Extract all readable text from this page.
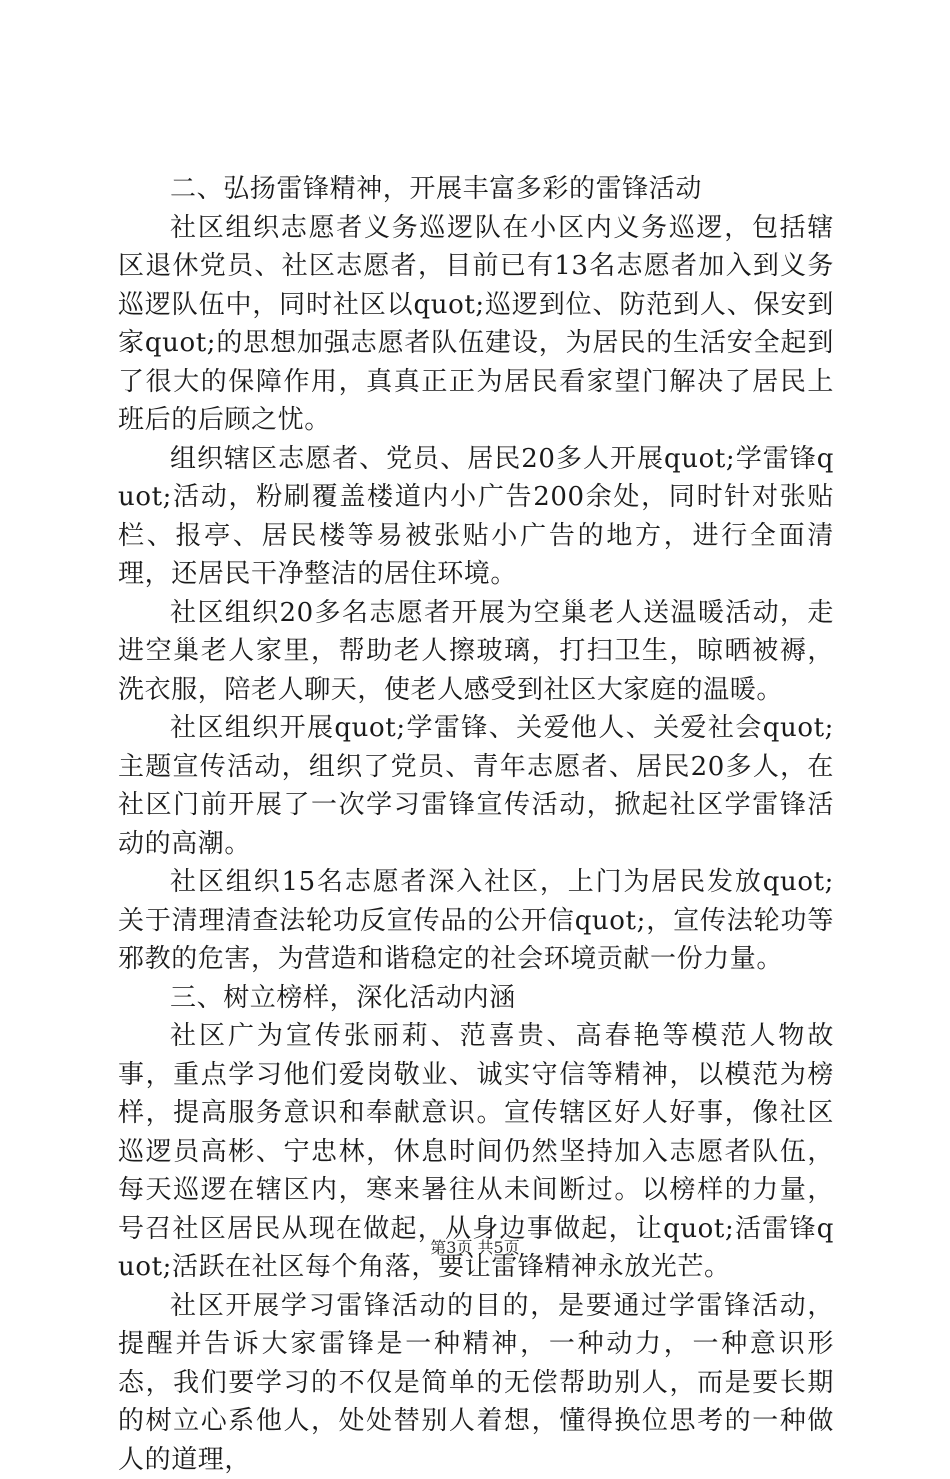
二、弘扬雷锋精神，开展丰富多彩的雷锋活动

社区组织志愿者义务巡逻队在小区内义务巡逻，包括辖区退休党员、社区志愿者，目前已有13名志愿者加入到义务巡逻队伍中，同时社区以quot;巡逻到位、防范到人、保安到家quot;的思想加强志愿者队伍建设，为居民的生活安全起到了很大的保障作用，真真正正为居民看家望门解决了居民上班后的后顾之忧。

组织辖区志愿者、党员、居民20多人开展quot;学雷锋quot;活动，粉刷覆盖楼道内小广告200余处，同时针对张贴栏、报亭、居民楼等易被张贴小广告的地方，进行全面清理，还居民干净整洁的居住环境。

社区组织20多名志愿者开展为空巢老人送温暖活动，走进空巢老人家里，帮助老人擦玻璃，打扫卫生，晾晒被褥，洗衣服，陪老人聊天，使老人感受到社区大家庭的温暖。

社区组织开展quot;学雷锋、关爱他人、关爱社会quot;主题宣传活动，组织了党员、青年志愿者、居民20多人，在社区门前开展了一次学习雷锋宣传活动，掀起社区学雷锋活动的高潮。

社区组织15名志愿者深入社区，上门为居民发放quot;关于清理清查法轮功反宣传品的公开信quot;，宣传法轮功等邪教的危害，为营造和谐稳定的社会环境贡献一份力量。

三、树立榜样，深化活动内涵

社区广为宣传张丽莉、范喜贵、高春艳等模范人物故事，重点学习他们爱岗敬业、诚实守信等精神，以模范为榜样，提高服务意识和奉献意识。宣传辖区好人好事，像社区巡逻员高彬、宁忠林，休息时间仍然坚持加入志愿者队伍，每天巡逻在辖区内，寒来暑往从未间断过。以榜样的力量，号召社区居民从现在做起，从身边事做起，让quot;活雷锋quot;活跃在社区每个角落，要让雷锋精神永放光芒。

社区开展学习雷锋活动的目的，是要通过学雷锋活动，提醒并告诉大家雷锋是一种精神，一种动力，一种意识形态，我们要学习的不仅是简单的无偿帮助别人，而是要长期的树立心系他人，处处替别人着想，懂得换位思考的一种做人的道理，

第3页 共5页
